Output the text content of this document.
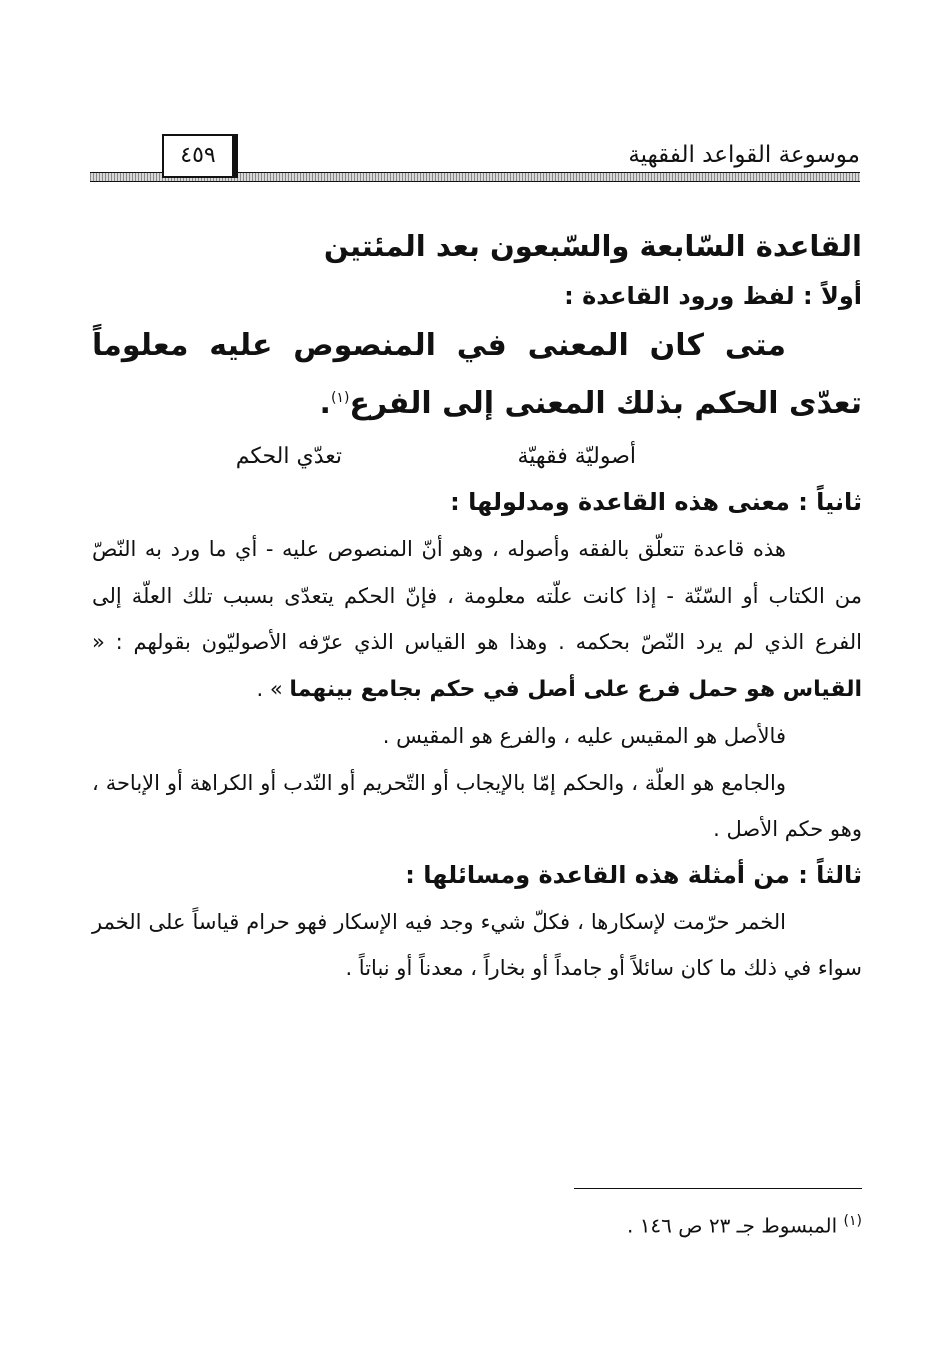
موسوعة القواعد الفقهية
٤٥٩
القاعدة السّابعة والسّبعون بعد المئتين
أولاً : لفظ ورود القاعدة :

متى كان المعنى في المنصوص عليه معلوماً تعدّى الحكم بذلك المعنى إلى الفرع$^{(١)}$.

أصوليّة فقهيّة
تعدّي الحكم
ثانياً : معنى هذه القاعدة ومدلولها :

هذه قاعدة تتعلّق بالفقه وأصوله ، وهو أنّ المنصوص عليه - أي ما ورد به النّصّ من الكتاب أو السّنّة - إذا كانت علّته معلومة ، فإنّ الحكم يتعدّى بسبب تلك العلّة إلى الفرع الذي لم يرد النّصّ بحكمه . وهذا هو القياس الذي عرّفه الأصوليّون بقولهم : « القياس هو حمل فرع على أصل في حكم بجامع بينهما » .

فالأصل هو المقيس عليه ، والفرع هو المقيس .

والجامع هو العلّة ، والحكم إمّا بالإيجاب أو التّحريم أو النّدب أو الكراهة أو الإباحة ، وهو حكم الأصل .

ثالثاً : من أمثلة هذه القاعدة ومسائلها :

الخمر حرّمت لإسكارها ، فكلّ شيء وجد فيه الإسكار فهو حرام قياساً على الخمر سواء في ذلك ما كان سائلاً أو جامداً أو بخاراً ، معدناً أو نباتاً .

$^{(١)}$ المبسوط جـ ٢٣ ص ١٤٦ .
